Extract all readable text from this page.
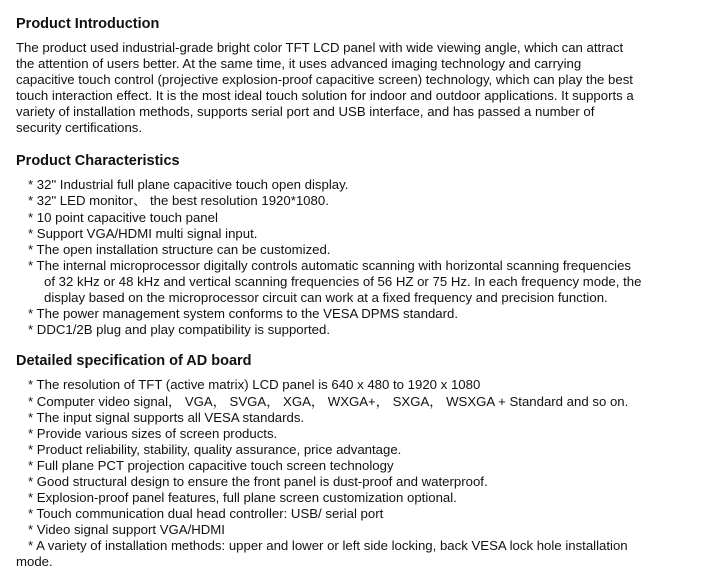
Product Introduction
The product used industrial-grade bright color TFT LCD panel with wide viewing angle, which can attract
the attention of users better. At the same time, it uses advanced imaging technology and carrying
capacitive touch control (projective explosion-proof capacitive screen) technology, which can play the best
touch interaction effect. It is the most ideal touch solution for indoor and outdoor applications. It supports a
variety of installation methods, supports serial port and USB interface, and has passed a number of
security certifications.
Product Characteristics
* 32" Industrial full plane capacitive touch open display.
* 32" LED monitor、 the best resolution 1920*1080.
* 10 point capacitive touch panel
* Support VGA/HDMI multi signal input.
* The open installation structure can be customized.
* The internal microprocessor digitally controls automatic scanning with horizontal scanning frequencies
of 32 kHz or 48 kHz and vertical scanning frequencies of 56 HZ or 75 Hz. In each frequency mode, the
display based on the microprocessor circuit can work at a fixed frequency and precision function.
* The power management system conforms to the VESA DPMS standard.
* DDC1/2B plug and play compatibility is supported.
Detailed specification of AD board
* The resolution of TFT (active matrix) LCD panel is 640 x 480 to 1920 x 1080
* Computer video signal， VGA， SVGA， XGA， WXGA+， SXGA， WSXGA + Standard and so on.
* The input signal supports all VESA standards.
* Provide various sizes of screen products.
* Product reliability, stability, quality assurance, price advantage.
* Full plane PCT projection capacitive touch screen technology
* Good structural design to ensure the front panel is dust-proof and waterproof.
* Explosion-proof panel features, full plane screen customization optional.
* Touch communication dual head controller: USB/ serial port
* Video signal support VGA/HDMI
* A variety of installation methods: upper and lower or left side locking, back VESA lock hole installation
mode.
